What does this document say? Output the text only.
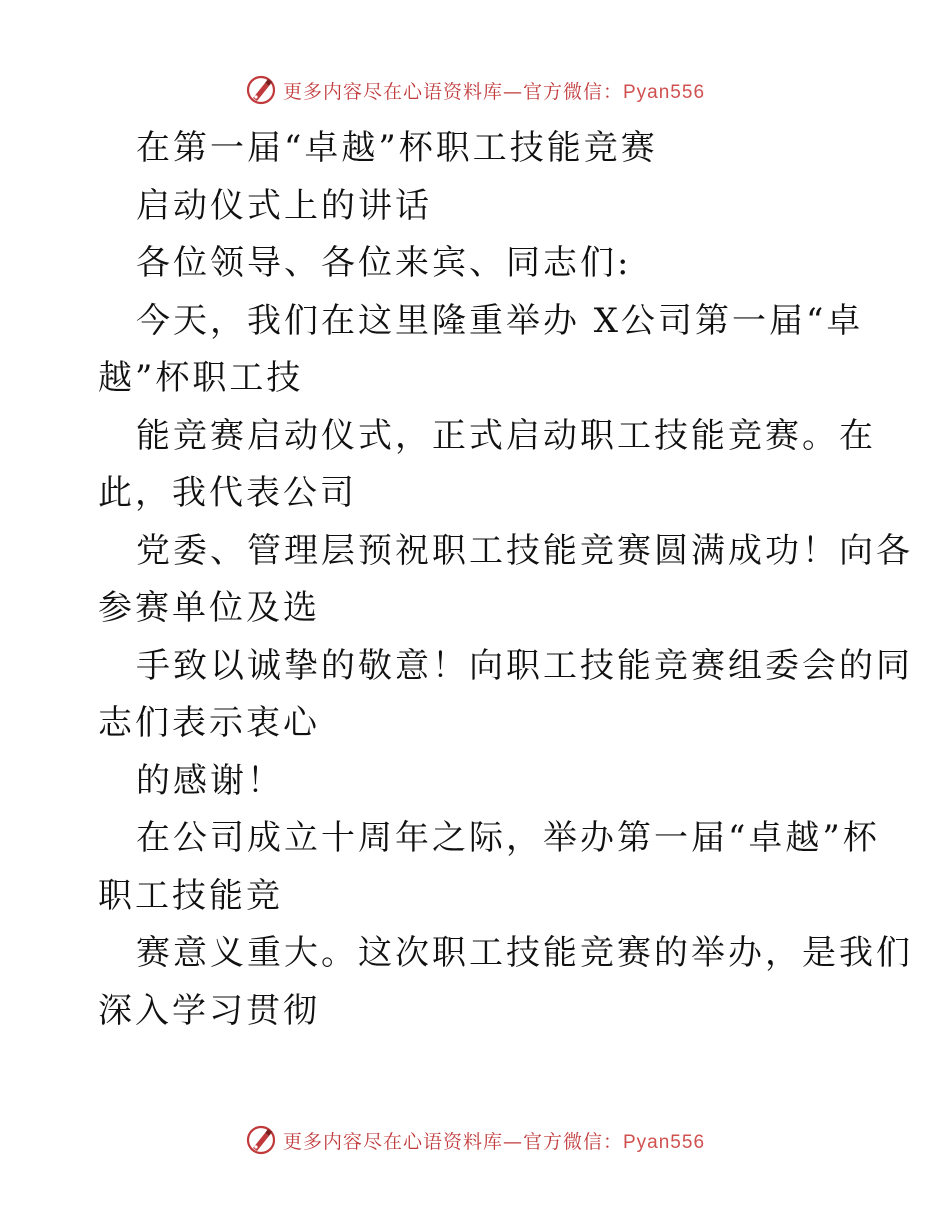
更多内容尽在心语资料库—官方微信：Pyan556

在第一届“卓越”杯职工技能竞赛

启动仪式上的讲话

各位领导、各位来宾、同志们:

今天，我们在这里隆重举办 X公司第一届“卓

越”杯职工技

能竞赛启动仪式，正式启动职工技能竞赛。在

此，我代表公司

党委、管理层预祝职工技能竞赛圆满成功！向各

参赛单位及选

手致以诚挚的敬意！向职工技能竞赛组委会的同

志们表示衷心

的感谢！

在公司成立十周年之际，举办第一届“卓越”杯

职工技能竞

赛意义重大。这次职工技能竞赛的举办，是我们

深入学习贯彻

更多内容尽在心语资料库—官方微信：Pyan556
